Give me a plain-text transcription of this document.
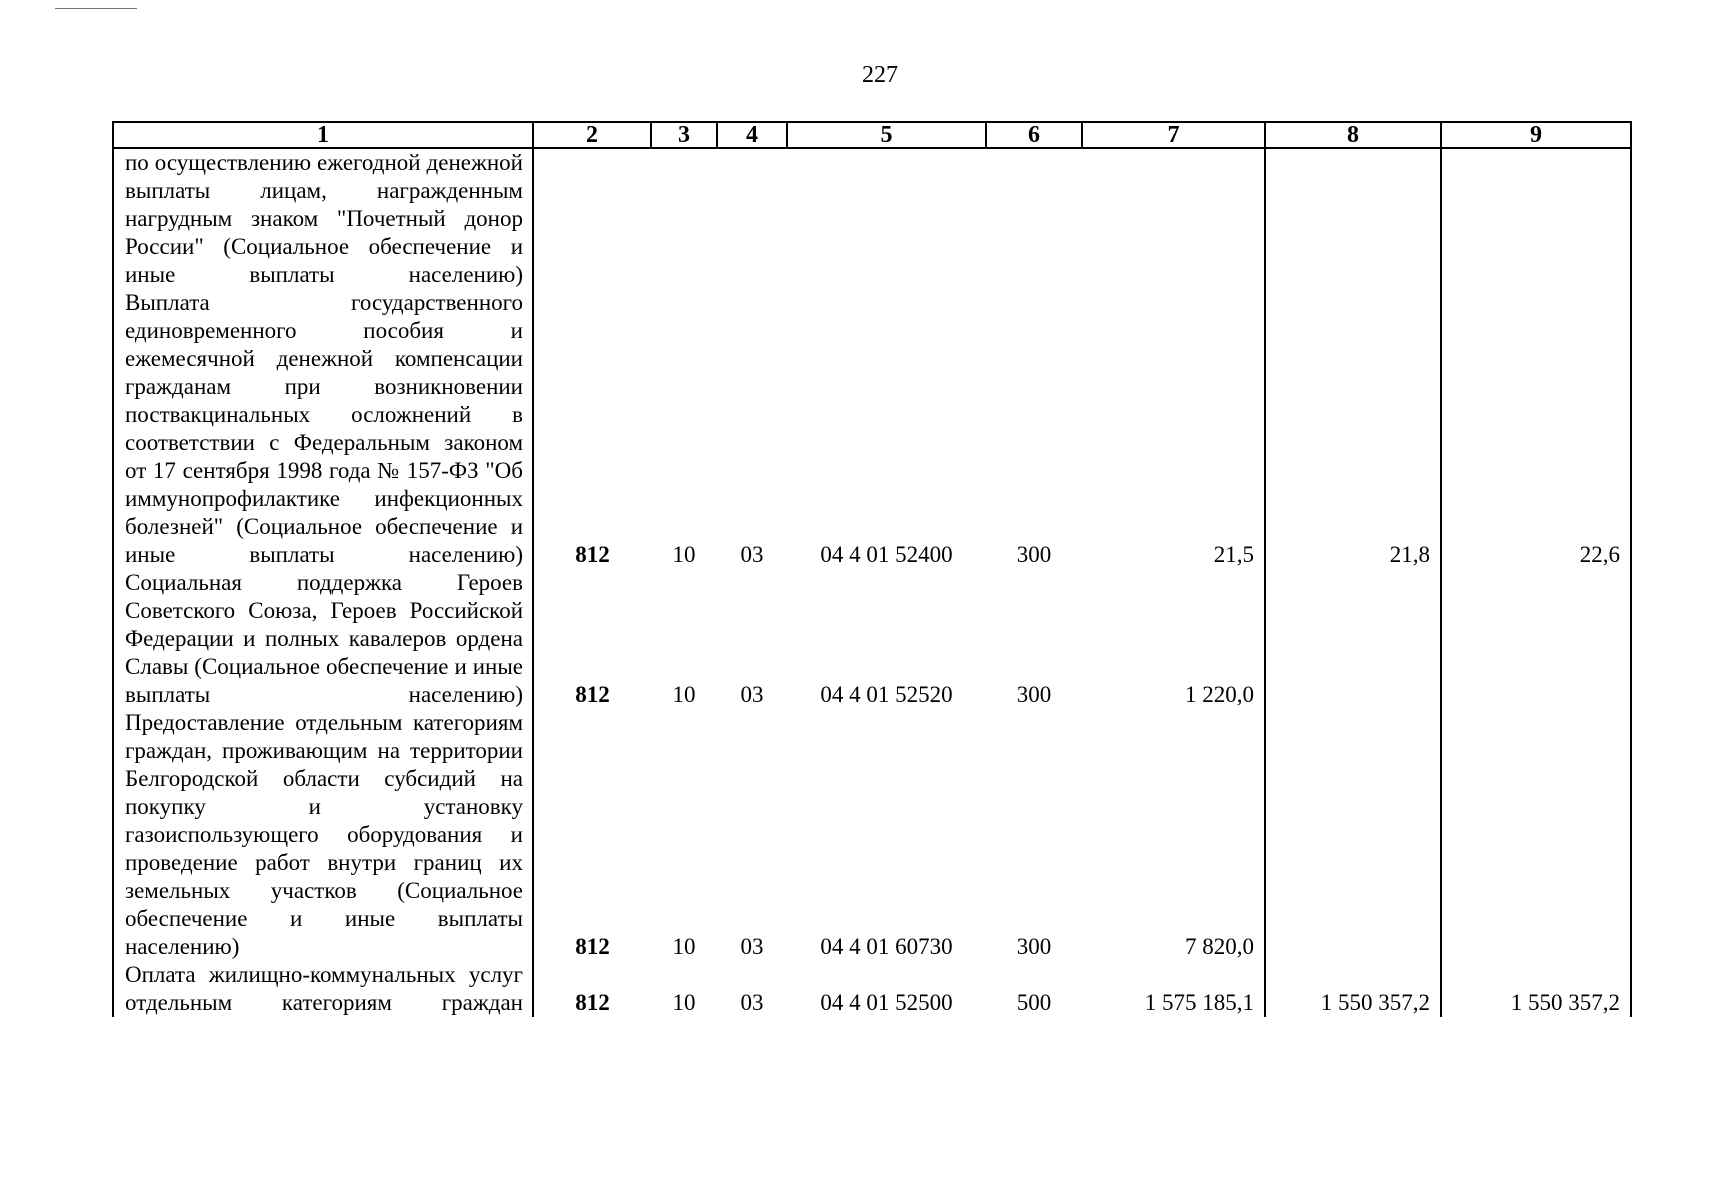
227
1	2	3	4	5	6	7	8	9
по осуществлению ежегодной денежной выплаты лицам, награжденным нагрудным знаком "Почетный донор России" (Социальное обеспечение и иные выплаты населению)								
Выплата государственного единовременного пособия и ежемесячной денежной компенсации гражданам при возникновении поствакцинальных осложнений в соответствии с Федеральным законом от 17 сентября 1998 года № 157-ФЗ "Об иммунопрофилактике инфекционных болезней" (Социальное обеспечение и иные выплаты населению)	812	10	03	04 4 01 52400	300	21,5	21,8	22,6
Социальная поддержка Героев Советского Союза, Героев Российской Федерации и полных кавалеров ордена Славы (Социальное обеспечение и иные выплаты населению)	812	10	03	04 4 01 52520	300	1 220,0		
Предоставление отдельным категориям граждан, проживающим на территории Белгородской области субсидий на покупку и установку газоиспользующего оборудования и проведение работ внутри границ их земельных участков (Социальное обеспечение и иные выплаты населению)	812	10	03	04 4 01 60730	300	7 820,0		
Оплата жилищно-коммунальных услуг отдельным категориям граждан	812	10	03	04 4 01 52500	500	1 575 185,1	1 550 357,2	1 550 357,2
